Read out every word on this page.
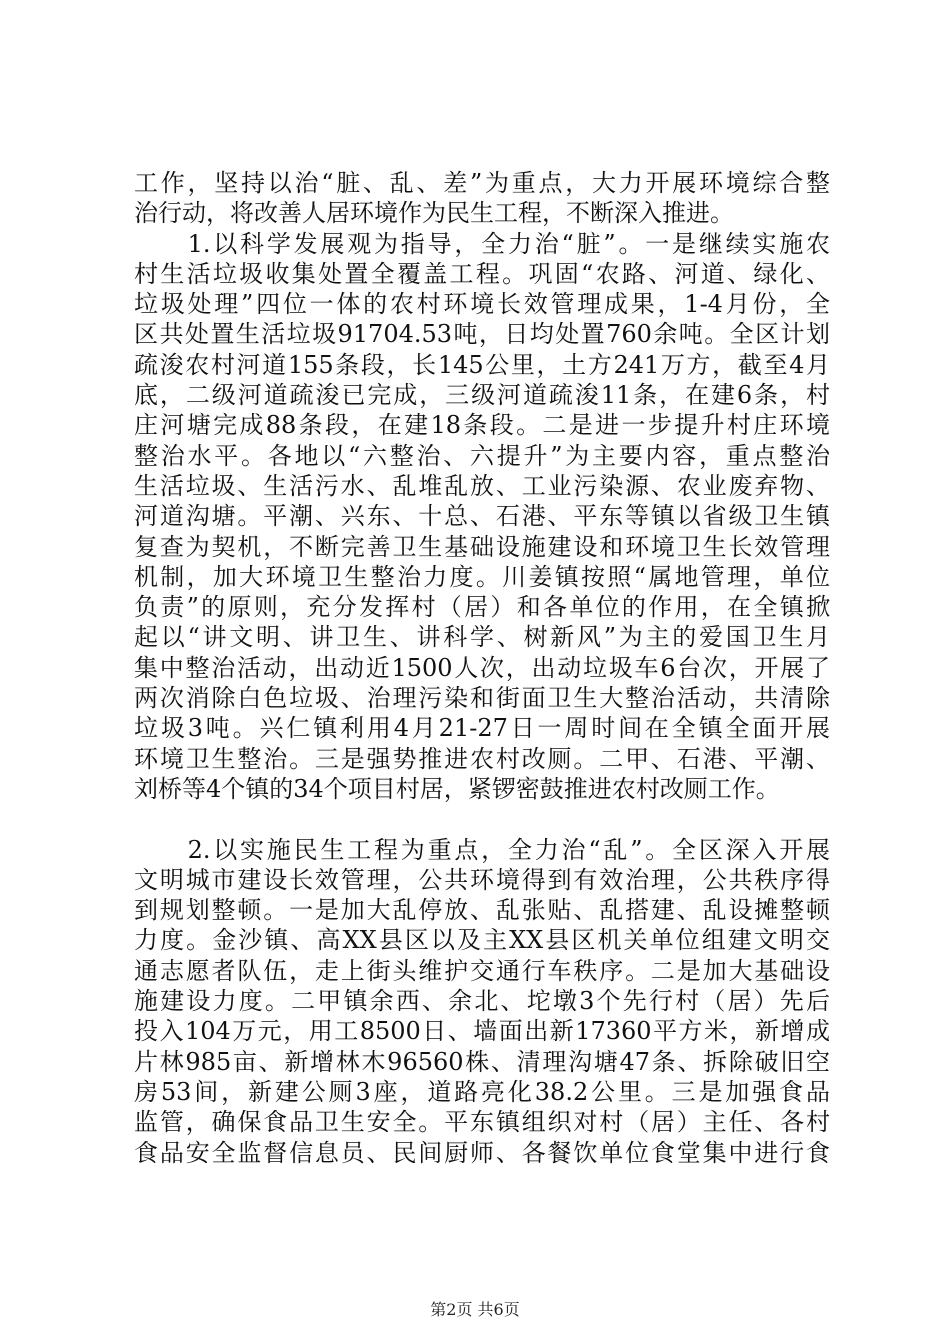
工作，坚持以治“脏、乱、差”为重点，大力开展环境综合整
治行动，将改善人居环境作为民生工程，不断深入推进。
　　1.以科学发展观为指导，全力治“脏”。一是继续实施农
村生活垃圾收集处置全覆盖工程。巩固“农路、河道、绿化、
垃圾处理”四位一体的农村环境长效管理成果，1-4月份，全
区共处置生活垃圾91704.53吨，日均处置760余吨。全区计划
疏浚农村河道155条段，长145公里，土方241万方，截至4月
底，二级河道疏浚已完成，三级河道疏浚11条，在建6条，村
庄河塘完成88条段，在建18条段。二是进一步提升村庄环境
整治水平。各地以“六整治、六提升”为主要内容，重点整治
生活垃圾、生活污水、乱堆乱放、工业污染源、农业废弃物、
河道沟塘。平潮、兴东、十总、石港、平东等镇以省级卫生镇
复查为契机，不断完善卫生基础设施建设和环境卫生长效管理
机制，加大环境卫生整治力度。川姜镇按照“属地管理，单位
负责”的原则，充分发挥村（居）和各单位的作用，在全镇掀
起以“讲文明、讲卫生、讲科学、树新风”为主的爱国卫生月
集中整治活动，出动近1500人次，出动垃圾车6台次，开展了
两次消除白色垃圾、治理污染和街面卫生大整治活动，共清除
垃圾3吨。兴仁镇利用4月21-27日一周时间在全镇全面开展
环境卫生整治。三是强势推进农村改厕。二甲、石港、平潮、
刘桥等4个镇的34个项目村居，紧锣密鼓推进农村改厕工作。
　　2.以实施民生工程为重点，全力治“乱”。全区深入开展
文明城市建设长效管理，公共环境得到有效治理，公共秩序得
到规划整顿。一是加大乱停放、乱张贴、乱搭建、乱设摊整顿
力度。金沙镇、高XX县区以及主XX县区机关单位组建文明交
通志愿者队伍，走上街头维护交通行车秩序。二是加大基础设
施建设力度。二甲镇余西、余北、坨墩3个先行村（居）先后
投入104万元，用工8500日、墙面出新17360平方米，新增成
片林985亩、新增林木96560株、清理沟塘47条、拆除破旧空
房53间，新建公厕3座，道路亮化38.2公里。三是加强食品
监管，确保食品卫生安全。平东镇组织对村（居）主任、各村
食品安全监督信息员、民间厨师、各餐饮单位食堂集中进行食
第2页 共6页
